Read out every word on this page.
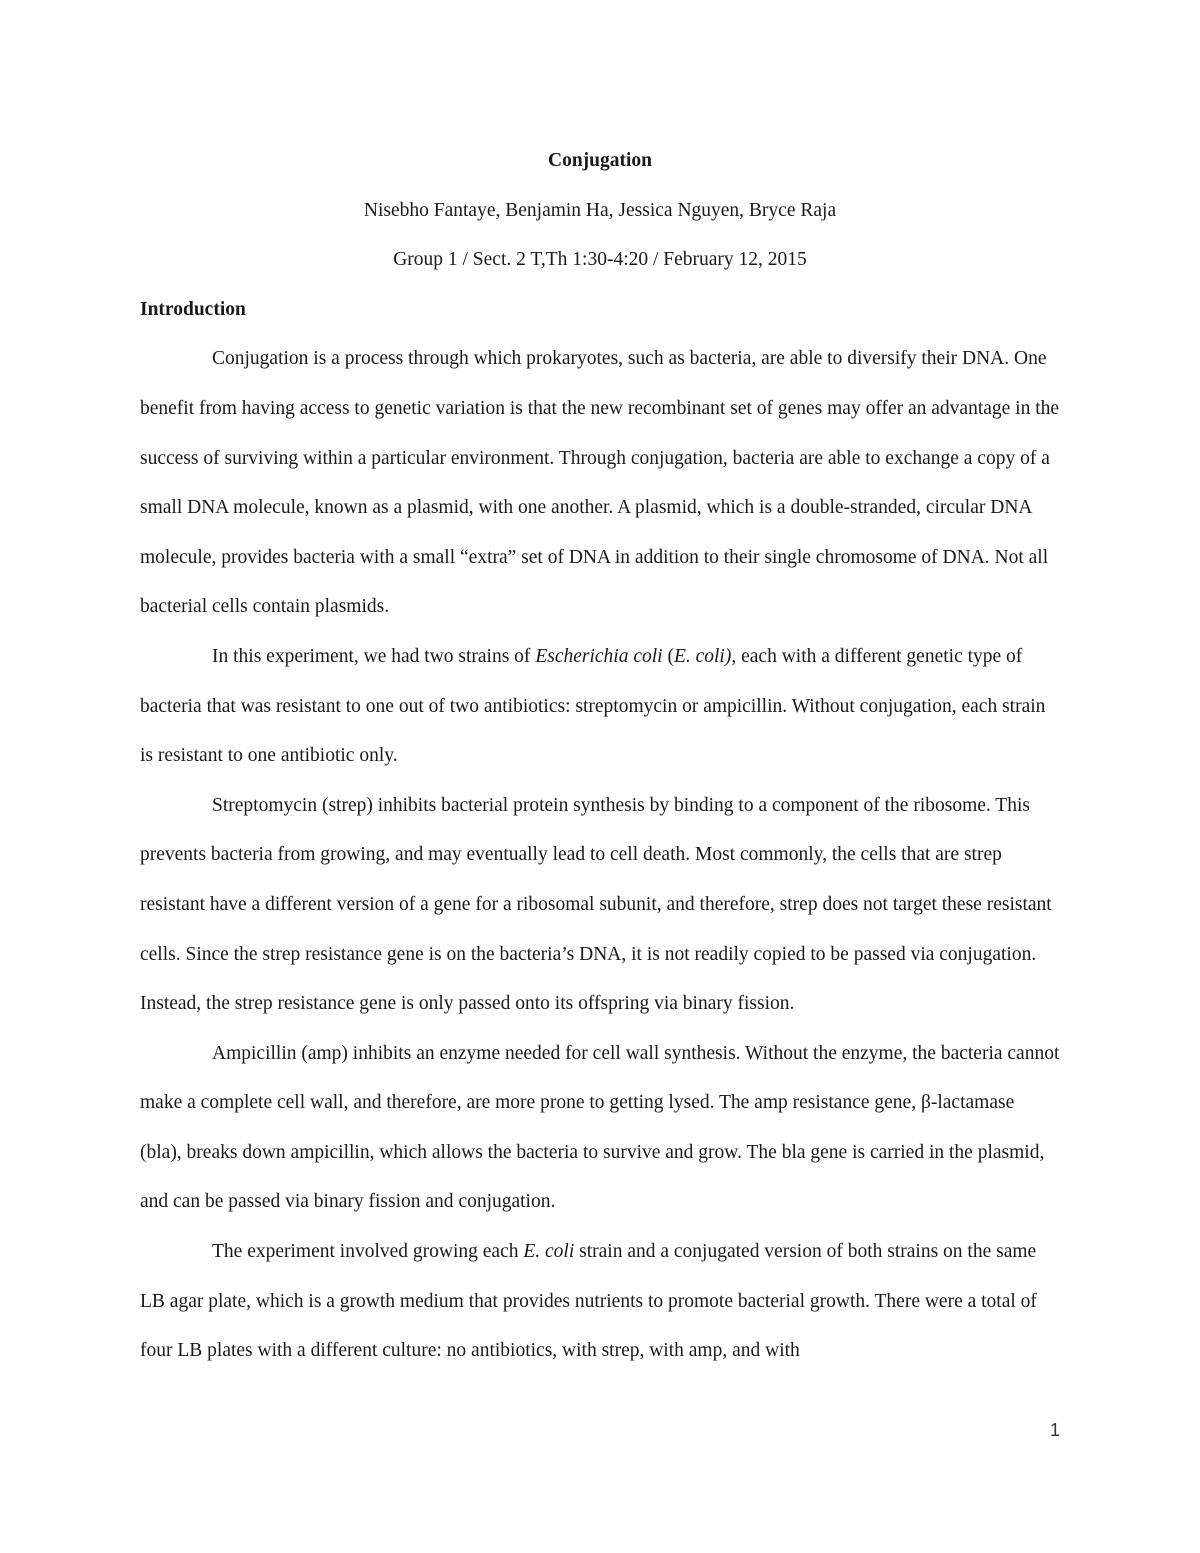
Conjugation

Nisebho Fantaye, Benjamin Ha, Jessica Nguyen, Bryce Raja

Group 1 / Sect. 2 T,Th 1:30-4:20 / February 12, 2015

Introduction

Conjugation is a process through which prokaryotes, such as bacteria, are able to diversify their DNA. One benefit from having access to genetic variation is that the new recombinant set of genes may offer an advantage in the success of surviving within a particular environment. Through conjugation, bacteria are able to exchange a copy of a small DNA molecule, known as a plasmid, with one another. A plasmid, which is a double-stranded, circular DNA molecule, provides bacteria with a small “extra” set of DNA in addition to their single chromosome of DNA. Not all bacterial cells contain plasmids.

In this experiment, we had two strains of Escherichia coli (E. coli), each with a different genetic type of bacteria that was resistant to one out of two antibiotics: streptomycin or ampicillin. Without conjugation, each strain is resistant to one antibiotic only.

Streptomycin (strep) inhibits bacterial protein synthesis by binding to a component of the ribosome. This prevents bacteria from growing, and may eventually lead to cell death. Most commonly, the cells that are strep resistant have a different version of a gene for a ribosomal subunit, and therefore, strep does not target these resistant cells. Since the strep resistance gene is on the bacteria’s DNA, it is not readily copied to be passed via conjugation. Instead, the strep resistance gene is only passed onto its offspring via binary fission.

Ampicillin (amp) inhibits an enzyme needed for cell wall synthesis. Without the enzyme, the bacteria cannot make a complete cell wall, and therefore, are more prone to getting lysed. The amp resistance gene, β-lactamase (bla), breaks down ampicillin, which allows the bacteria to survive and grow. The bla gene is carried in the plasmid, and can be passed via binary fission and conjugation.

The experiment involved growing each E. coli strain and a conjugated version of both strains on the same LB agar plate, which is a growth medium that provides nutrients to promote bacterial growth. There were a total of four LB plates with a different culture: no antibiotics, with strep, with amp, and with

1
